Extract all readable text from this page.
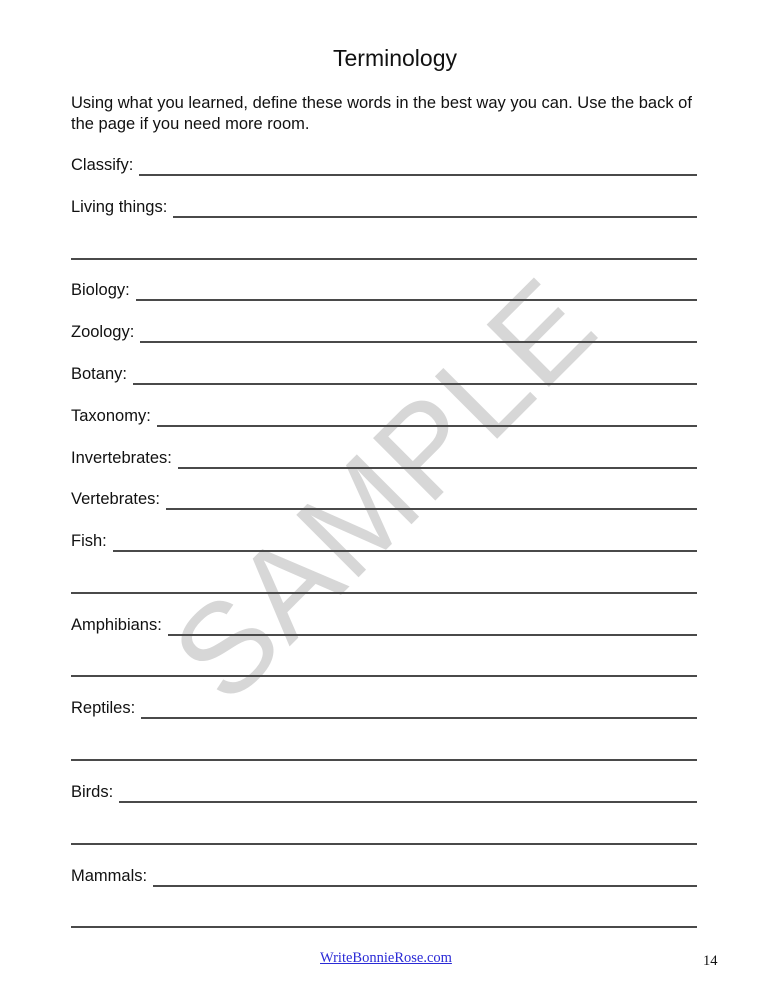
SAMPLE
Terminology

Using what you learned, define these words in the best way you can. Use the back of the page if you need more room.

Classify:
Living things:
Biology:
Zoology:
Botany:
Taxonomy:
Invertebrates:
Vertebrates:
Fish:
Amphibians:
Reptiles:
Birds:
Mammals:
WriteBonnieRose.com	14
